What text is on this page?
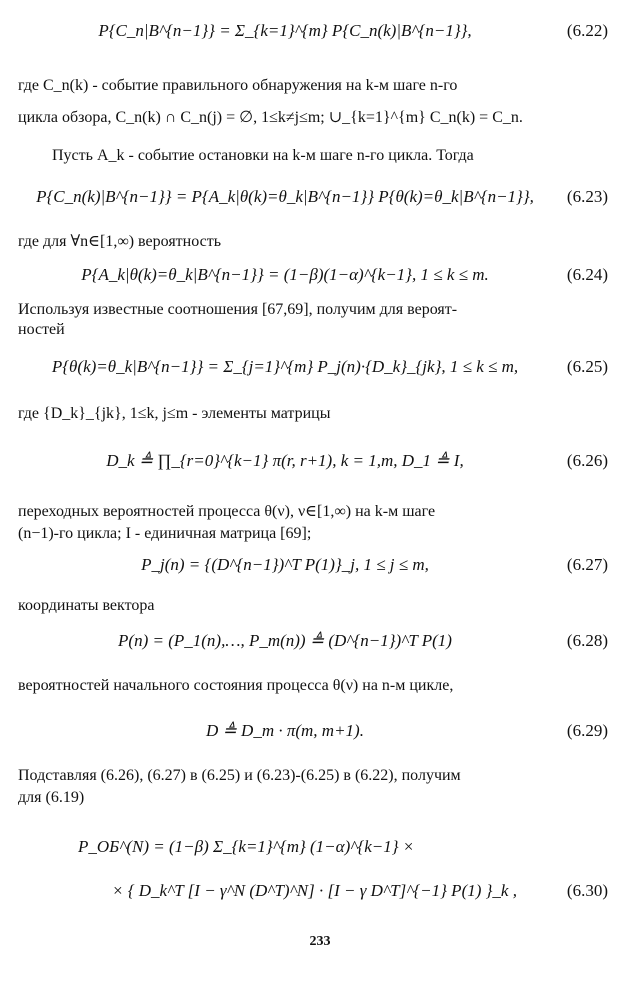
P{C_n|B^{n−1}} = Σ_{k=1}^{m} P{C_n(k)|B^{n−1}},	(6.22)
где C_n(k) - событие правильного обнаружения на k-м шаге n-го
цикла обзора, C_n(k) ∩ C_n(j) = ∅, 1≤k≠j≤m; ∪_{k=1}^{m} C_n(k) = C_n.
Пусть A_k - событие остановки на k-м шаге n-го цикла. Тогда
P{C_n(k)|B^{n−1}} = P{A_k|θ(k)=θ_k|B^{n−1}} P{θ(k)=θ_k|B^{n−1}},	(6.23)
где для ∀n∈[1,∞) вероятность
P{A_k|θ(k)=θ_k|B^{n−1}} = (1−β)(1−α)^{k−1}, 1 ≤ k ≤ m.	(6.24)
Используя известные соотношения [67,69], получим для вероят-
ностей
P{θ(k)=θ_k|B^{n−1}} = Σ_{j=1}^{m} P_j(n)·{D_k}_{jk}, 1 ≤ k ≤ m,	(6.25)
где {D_k}_{jk}, 1≤k, j≤m - элементы матрицы
D_k ≜ ∏_{r=0}^{k−1} π(r, r+1), k = 1,m, D_1 ≜ I,	(6.26)
переходных вероятностей процесса θ(ν), ν∈[1,∞) на k-м шаге
(n−1)-го цикла; I - единичная матрица [69];
P_j(n) = {(D^{n−1})^T P(1)}_j, 1 ≤ j ≤ m,	(6.27)
координаты вектора
P(n) = (P_1(n),…, P_m(n)) ≜ (D^{n−1})^T P(1)	(6.28)
вероятностей начального состояния процесса θ(ν) на n-м цикле,
D ≜ D_m · π(m, m+1).	(6.29)
Подставляя (6.26), (6.27) в (6.25) и (6.23)-(6.25) в (6.22), получим
для (6.19)
P_ОБ^(N) = (1−β) Σ_{k=1}^{m} (1−α)^{k−1} ×
× { D_k^T [I − γ^N (D^T)^N] · [I − γ D^T]^{−1} P(1) }_k ,	(6.30)
233
